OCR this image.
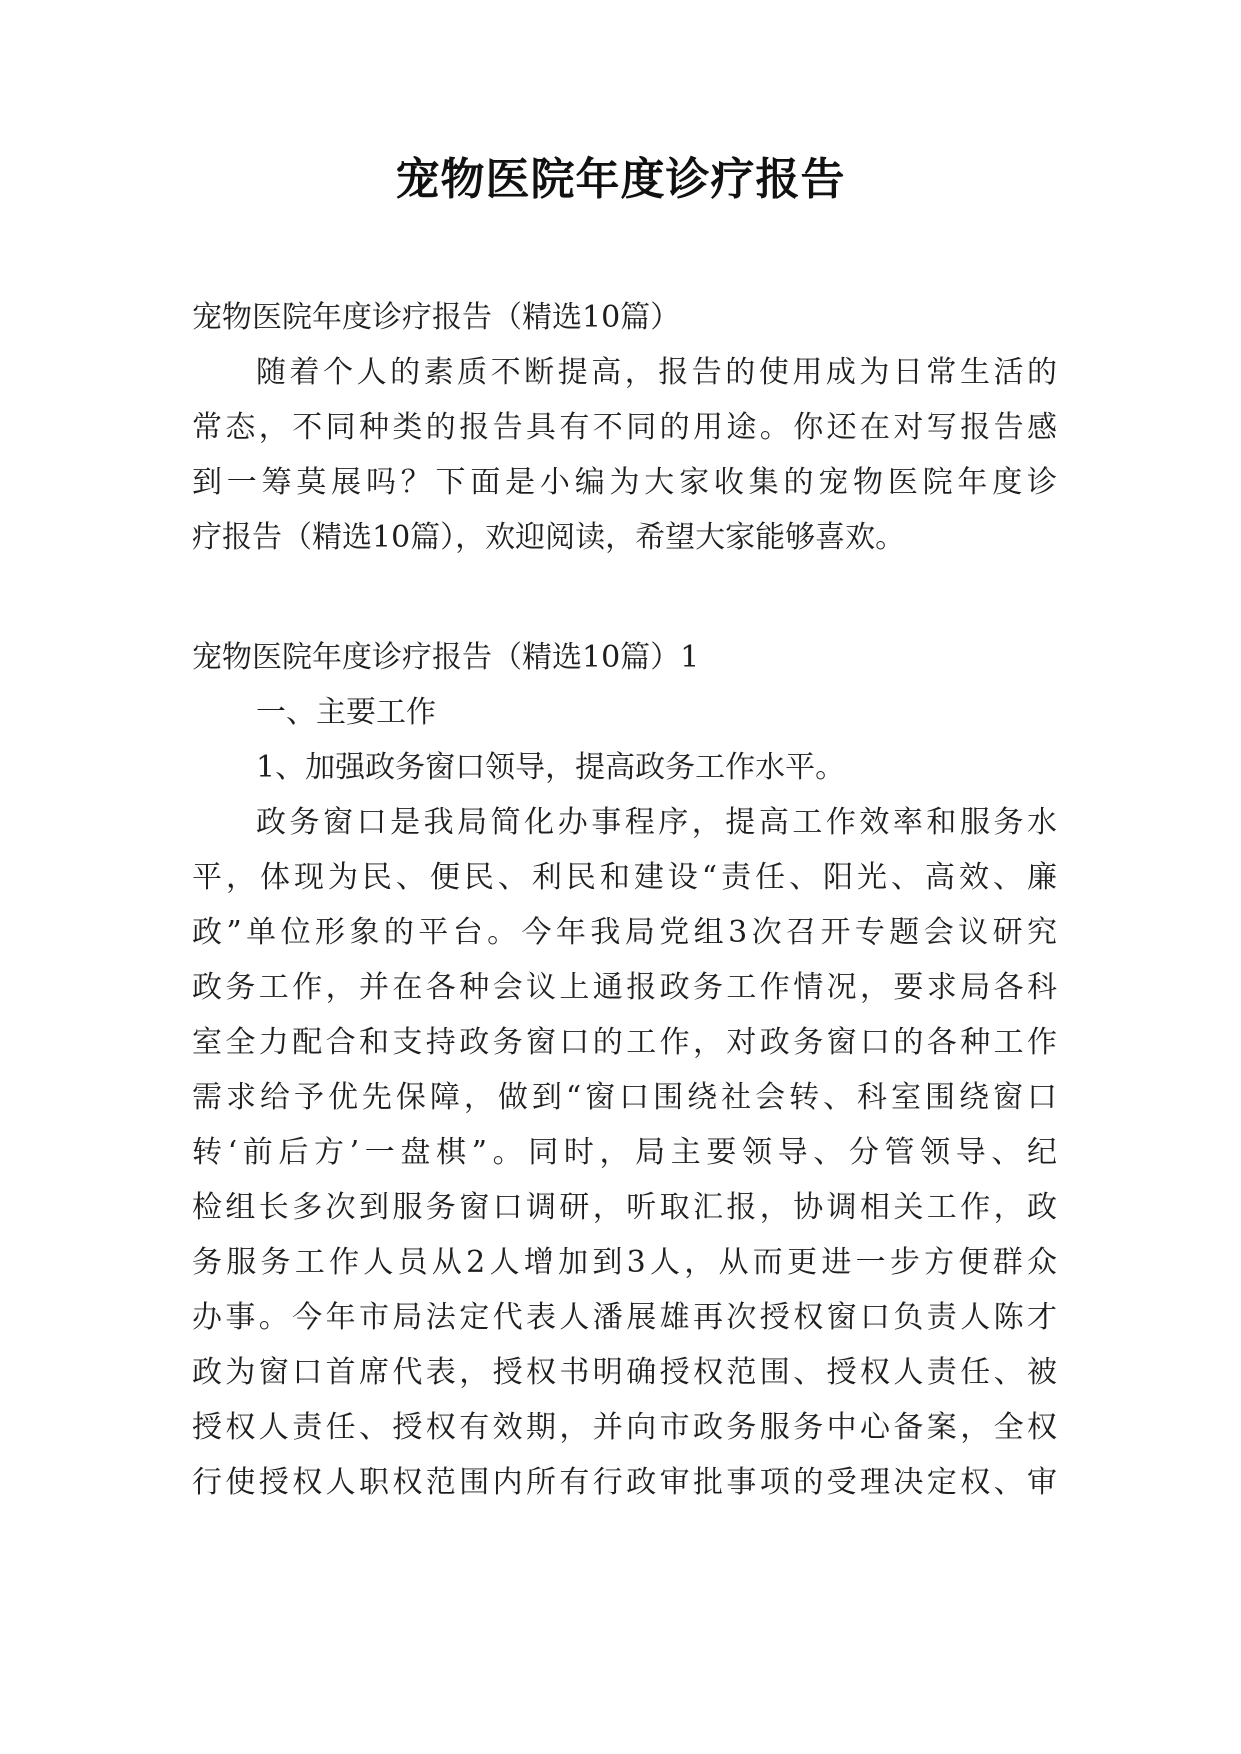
宠物医院年度诊疗报告
宠物医院年度诊疗报告（精选10篇）
随着个人的素质不断提高，报告的使用成为日常生活的
常态，不同种类的报告具有不同的用途。你还在对写报告感
到一筹莫展吗？下面是小编为大家收集的宠物医院年度诊
疗报告（精选10篇），欢迎阅读，希望大家能够喜欢。
宠物医院年度诊疗报告（精选10篇）1
一、主要工作
1、加强政务窗口领导，提高政务工作水平。
政务窗口是我局简化办事程序，提高工作效率和服务水
平，体现为民、便民、利民和建设“责任、阳光、高效、廉
政”单位形象的平台。今年我局党组3次召开专题会议研究
政务工作，并在各种会议上通报政务工作情况，要求局各科
室全力配合和支持政务窗口的工作，对政务窗口的各种工作
需求给予优先保障，做到“窗口围绕社会转、科室围绕窗口
转‘前后方’一盘棋”。同时，局主要领导、分管领导、纪
检组长多次到服务窗口调研，听取汇报，协调相关工作，政
务服务工作人员从2人增加到3人，从而更进一步方便群众
办事。今年市局法定代表人潘展雄再次授权窗口负责人陈才
政为窗口首席代表，授权书明确授权范围、授权人责任、被
授权人责任、授权有效期，并向市政务服务中心备案，全权
行使授权人职权范围内所有行政审批事项的受理决定权、审
